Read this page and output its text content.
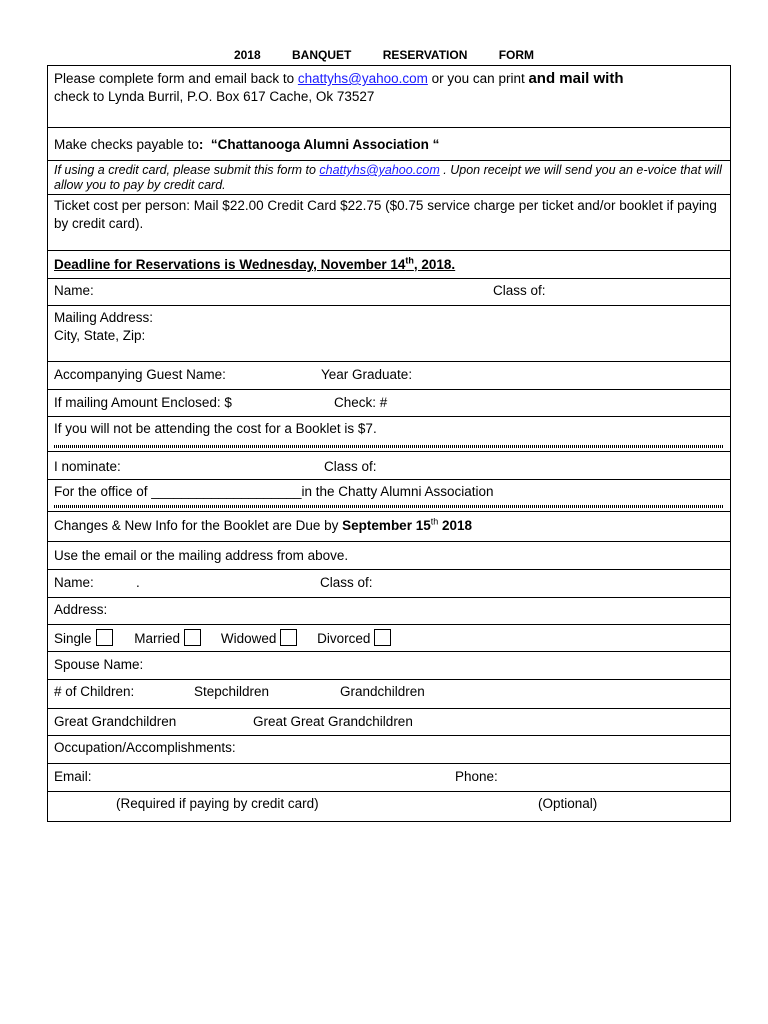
2018	BANQUET	RESERVATION	FORM
Please complete form and email back to chattyhs@yahoo.com or you can print and mail with
check to Lynda Burril, P.O. Box 617 Cache, Ok 73527
Make checks payable to: “Chattanooga Alumni Association “
If using a credit card, please submit this form to chattyhs@yahoo.com . Upon receipt we will send you an e-voice that will allow you to pay by credit card.
Ticket cost per person: Mail $22.00 Credit Card $22.75 ($0.75 service charge per ticket and/or booklet if paying by credit card).
Deadline for Reservations is Wednesday, November 14th, 2018.
Name:	Class of:
Mailing Address:
City, State, Zip:
Accompanying Guest Name:	Year Graduate:
If mailing Amount Enclosed: $	Check: #
If you will not be attending the cost for a Booklet is $7.
I nominate:	Class of:
For the office of ____________________in the Chatty Alumni Association
Changes & New Info for the Booklet are Due by September 15th 2018
Use the email or the mailing address from above.
Name:	.	Class of:
Address:
Single	Married	Widowed	Divorced
Spouse Name:
# of Children:	Stepchildren	Grandchildren
Great Grandchildren	Great Great Grandchildren
Occupation/Accomplishments:
Email:	Phone:
(Required if paying by credit card)	(Optional)
